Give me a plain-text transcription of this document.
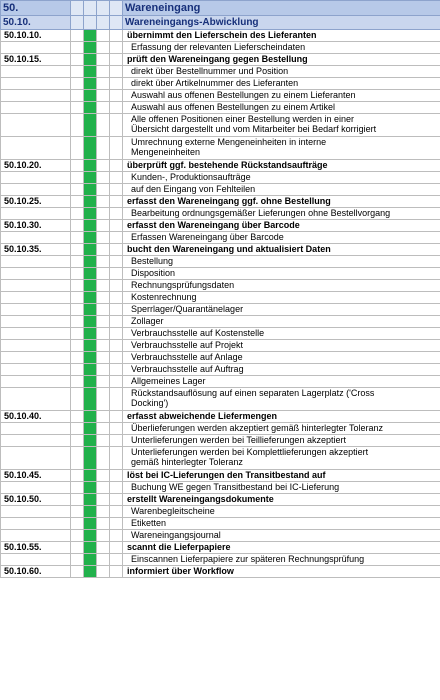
50.					Wareneingang
50.10.					Wareneingangs-Abwicklung
50.10.10.					übernimmt den Lieferschein des Lieferanten

					Erfassung der relevanten Lieferscheindaten

50.10.15.					prüft den Wareneingang gegen Bestellung

					direkt über Bestellnummer und Position

					direkt über Artikelnummer des Lieferanten

					Auswahl aus offenen Bestellungen zu einem Lieferanten

					Auswahl aus offenen Bestellungen zu einem Artikel

					Alle offenen Positionen einer Bestellung werden in einer
Übersicht dargestellt und vom Mitarbeiter bei Bedarf korrigiert

					Umrechnung externe Mengeneinheiten in interne
Mengeneinheiten

50.10.20.					überprüft ggf. bestehende Rückstandsaufträge

					Kunden-, Produktionsaufträge

					auf den Eingang von Fehlteilen

50.10.25.					erfasst den Wareneingang ggf. ohne Bestellung

					Bearbeitung ordnungsgemäßer Lieferungen ohne Bestellvorgang

50.10.30.					erfasst den Wareneingang über Barcode

					Erfassen Wareneingang über Barcode

50.10.35.					bucht den Wareneingang und aktualisiert Daten

					Bestellung

					Disposition

					Rechnungsprüfungsdaten

					Kostenrechnung

					Sperrlager/Quarantänelager

					Zollager

					Verbrauchsstelle auf Kostenstelle

					Verbrauchsstelle auf Projekt

					Verbrauchsstelle auf Anlage

					Verbrauchsstelle auf Auftrag

					Allgemeines Lager

					Rückstandsauflösung auf einen separaten Lagerplatz ('Cross
Docking')

50.10.40.					erfasst abweichende Liefermengen

					Überlieferungen werden akzeptiert gemäß hinterlegter Toleranz

					Unterlieferungen werden bei Teillieferungen akzeptiert

					Unterlieferungen werden bei Komplettlieferungen akzeptiert
gemäß hinterlegter Toleranz

50.10.45.					löst bei IC-Lieferungen den Transitbestand auf

					Buchung WE gegen Transitbestand bei IC-Lieferung

50.10.50.					erstellt Wareneingangsdokumente

					Warenbegleitscheine

					Etiketten

					Wareneingangsjournal

50.10.55.					scannt die Lieferpapiere

					Einscannen Lieferpapiere zur späteren Rechnungsprüfung

50.10.60.					informiert über Workflow
